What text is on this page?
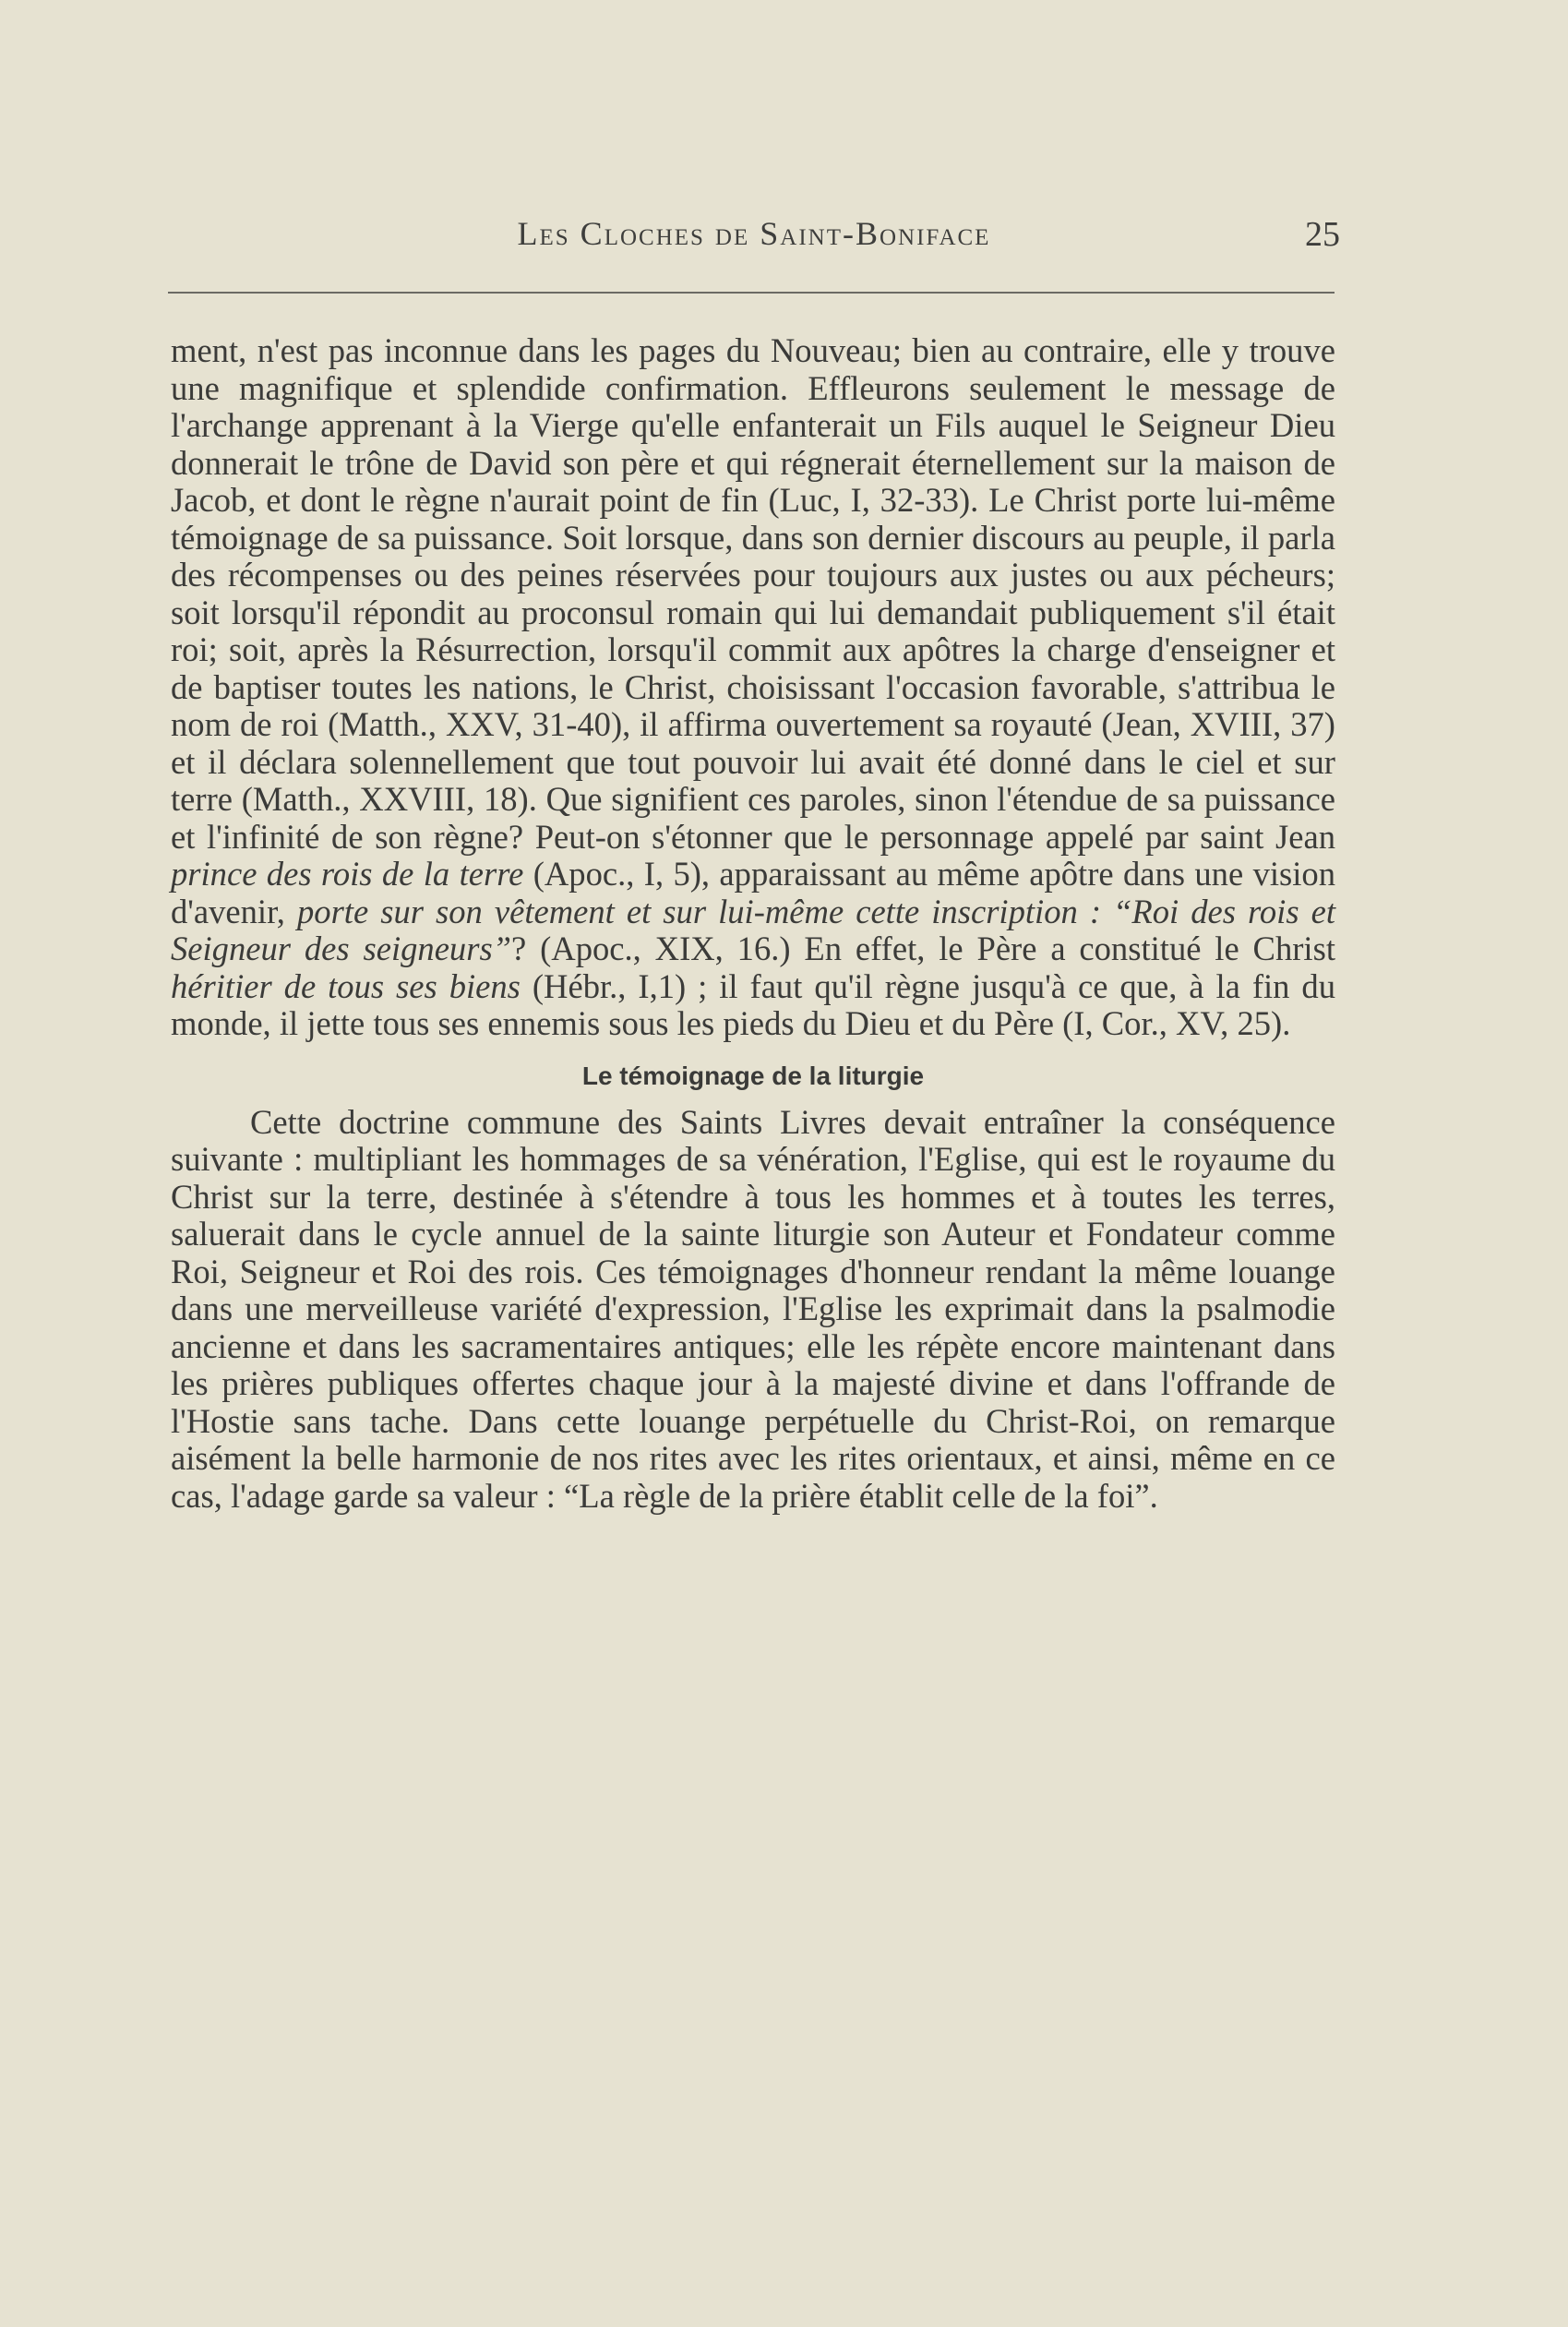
Les Cloches de Saint-Boniface	25

ment, n'est pas inconnue dans les pages du Nouveau; bien au contraire, elle y trouve une magnifique et splendide confirmation. Effleurons seulement le message de l'archange apprenant à la Vierge qu'elle enfanterait un Fils auquel le Seigneur Dieu donnerait le trône de David son père et qui régnerait éternellement sur la maison de Jacob, et dont le règne n'aurait point de fin (Luc, I, 32-33). Le Christ porte lui-même témoignage de sa puissance. Soit lorsque, dans son dernier discours au peuple, il parla des récompenses ou des peines réservées pour toujours aux justes ou aux pécheurs; soit lorsqu'il répondit au proconsul romain qui lui demandait publiquement s'il était roi; soit, après la Résurrection, lorsqu'il commit aux apôtres la charge d'enseigner et de baptiser toutes les nations, le Christ, choisissant l'occasion favorable, s'attribua le nom de roi (Matth., XXV, 31-40), il affirma ouvertement sa royauté (Jean, XVIII, 37) et il déclara solennellement que tout pouvoir lui avait été donné dans le ciel et sur terre (Matth., XXVIII, 18). Que signifient ces paroles, sinon l'étendue de sa puissance et l'infinité de son règne? Peut-on s'étonner que le personnage appelé par saint Jean prince des rois de la terre (Apoc., I, 5), apparaissant au même apôtre dans une vision d'avenir, porte sur son vêtement et sur lui-même cette inscription : “Roi des rois et Seigneur des seigneurs”? (Apoc., XIX, 16.) En effet, le Père a constitué le Christ héritier de tous ses biens (Hébr., I,1) ; il faut qu'il règne jusqu'à ce que, à la fin du monde, il jette tous ses ennemis sous les pieds du Dieu et du Père (I, Cor., XV, 25).

Le témoignage de la liturgie

Cette doctrine commune des Saints Livres devait entraîner la conséquence suivante : multipliant les hommages de sa vénération, l'Eglise, qui est le royaume du Christ sur la terre, destinée à s'étendre à tous les hommes et à toutes les terres, saluerait dans le cycle annuel de la sainte liturgie son Auteur et Fondateur comme Roi, Seigneur et Roi des rois. Ces témoignages d'honneur rendant la même louange dans une merveilleuse variété d'expression, l'Eglise les exprimait dans la psalmodie ancienne et dans les sacramentaires antiques; elle les répète encore maintenant dans les prières publiques offertes chaque jour à la majesté divine et dans l'offrande de l'Hostie sans tache. Dans cette louange perpétuelle du Christ-Roi, on remarque aisément la belle harmonie de nos rites avec les rites orientaux, et ainsi, même en ce cas, l'adage garde sa valeur : “La règle de la prière établit celle de la foi”.
